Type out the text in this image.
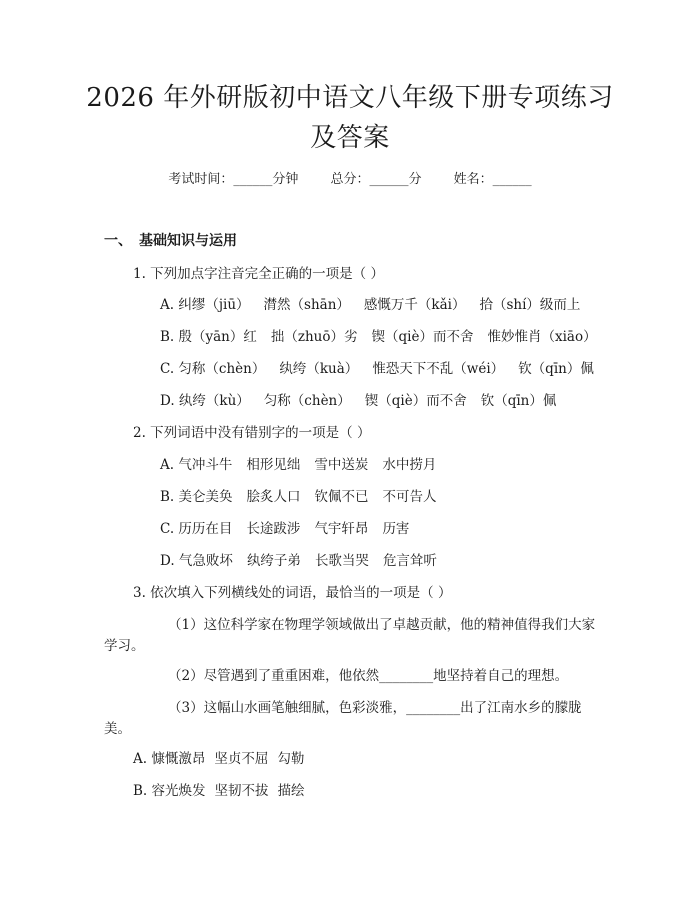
2026 年外研版初中语文八年级下册专项练习
及答案
考试时间：______分钟 总分：______分 姓名：______
一、　基础知识与运用
1. 下列加点字注音完全正确的一项是（ ）
A. 纠缪（jiū） 潸然（shān） 感慨万千（kǎi） 拾（shí）级而上
B. 殷（yān）红 拙（zhuō）劣 锲（qiè）而不舍 惟妙惟肖（xiāo）
C. 匀称（chèn） 纨绔（kuà） 惟恐天下不乱（wéi） 钦（qīn）佩
D. 纨绔（kù） 匀称（chèn） 锲（qiè）而不舍 钦（qīn）佩
2. 下列词语中没有错别字的一项是（ ）
A. 气冲斗牛 相形见绌 雪中送炭 水中捞月
B. 美仑美奂 脍炙人口 钦佩不已 不可告人
C. 历历在目 长途跋涉 气宇轩昂 历害
D. 气急败坏 纨绔子弟 长歌当哭 危言耸听
3. 依次填入下列横线处的词语，最恰当的一项是（ ）
（1）这位科学家在物理学领域做出了卓越贡献，他的精神值得我们大家
学习。
（2）尽管遇到了重重困难，他依然________地坚持着自己的理想。
（3）这幅山水画笔触细腻，色彩淡雅，________出了江南水乡的朦胧
美。
A. 慷慨激昂 坚贞不屈 勾勒
B. 容光焕发 坚韧不拔 描绘
